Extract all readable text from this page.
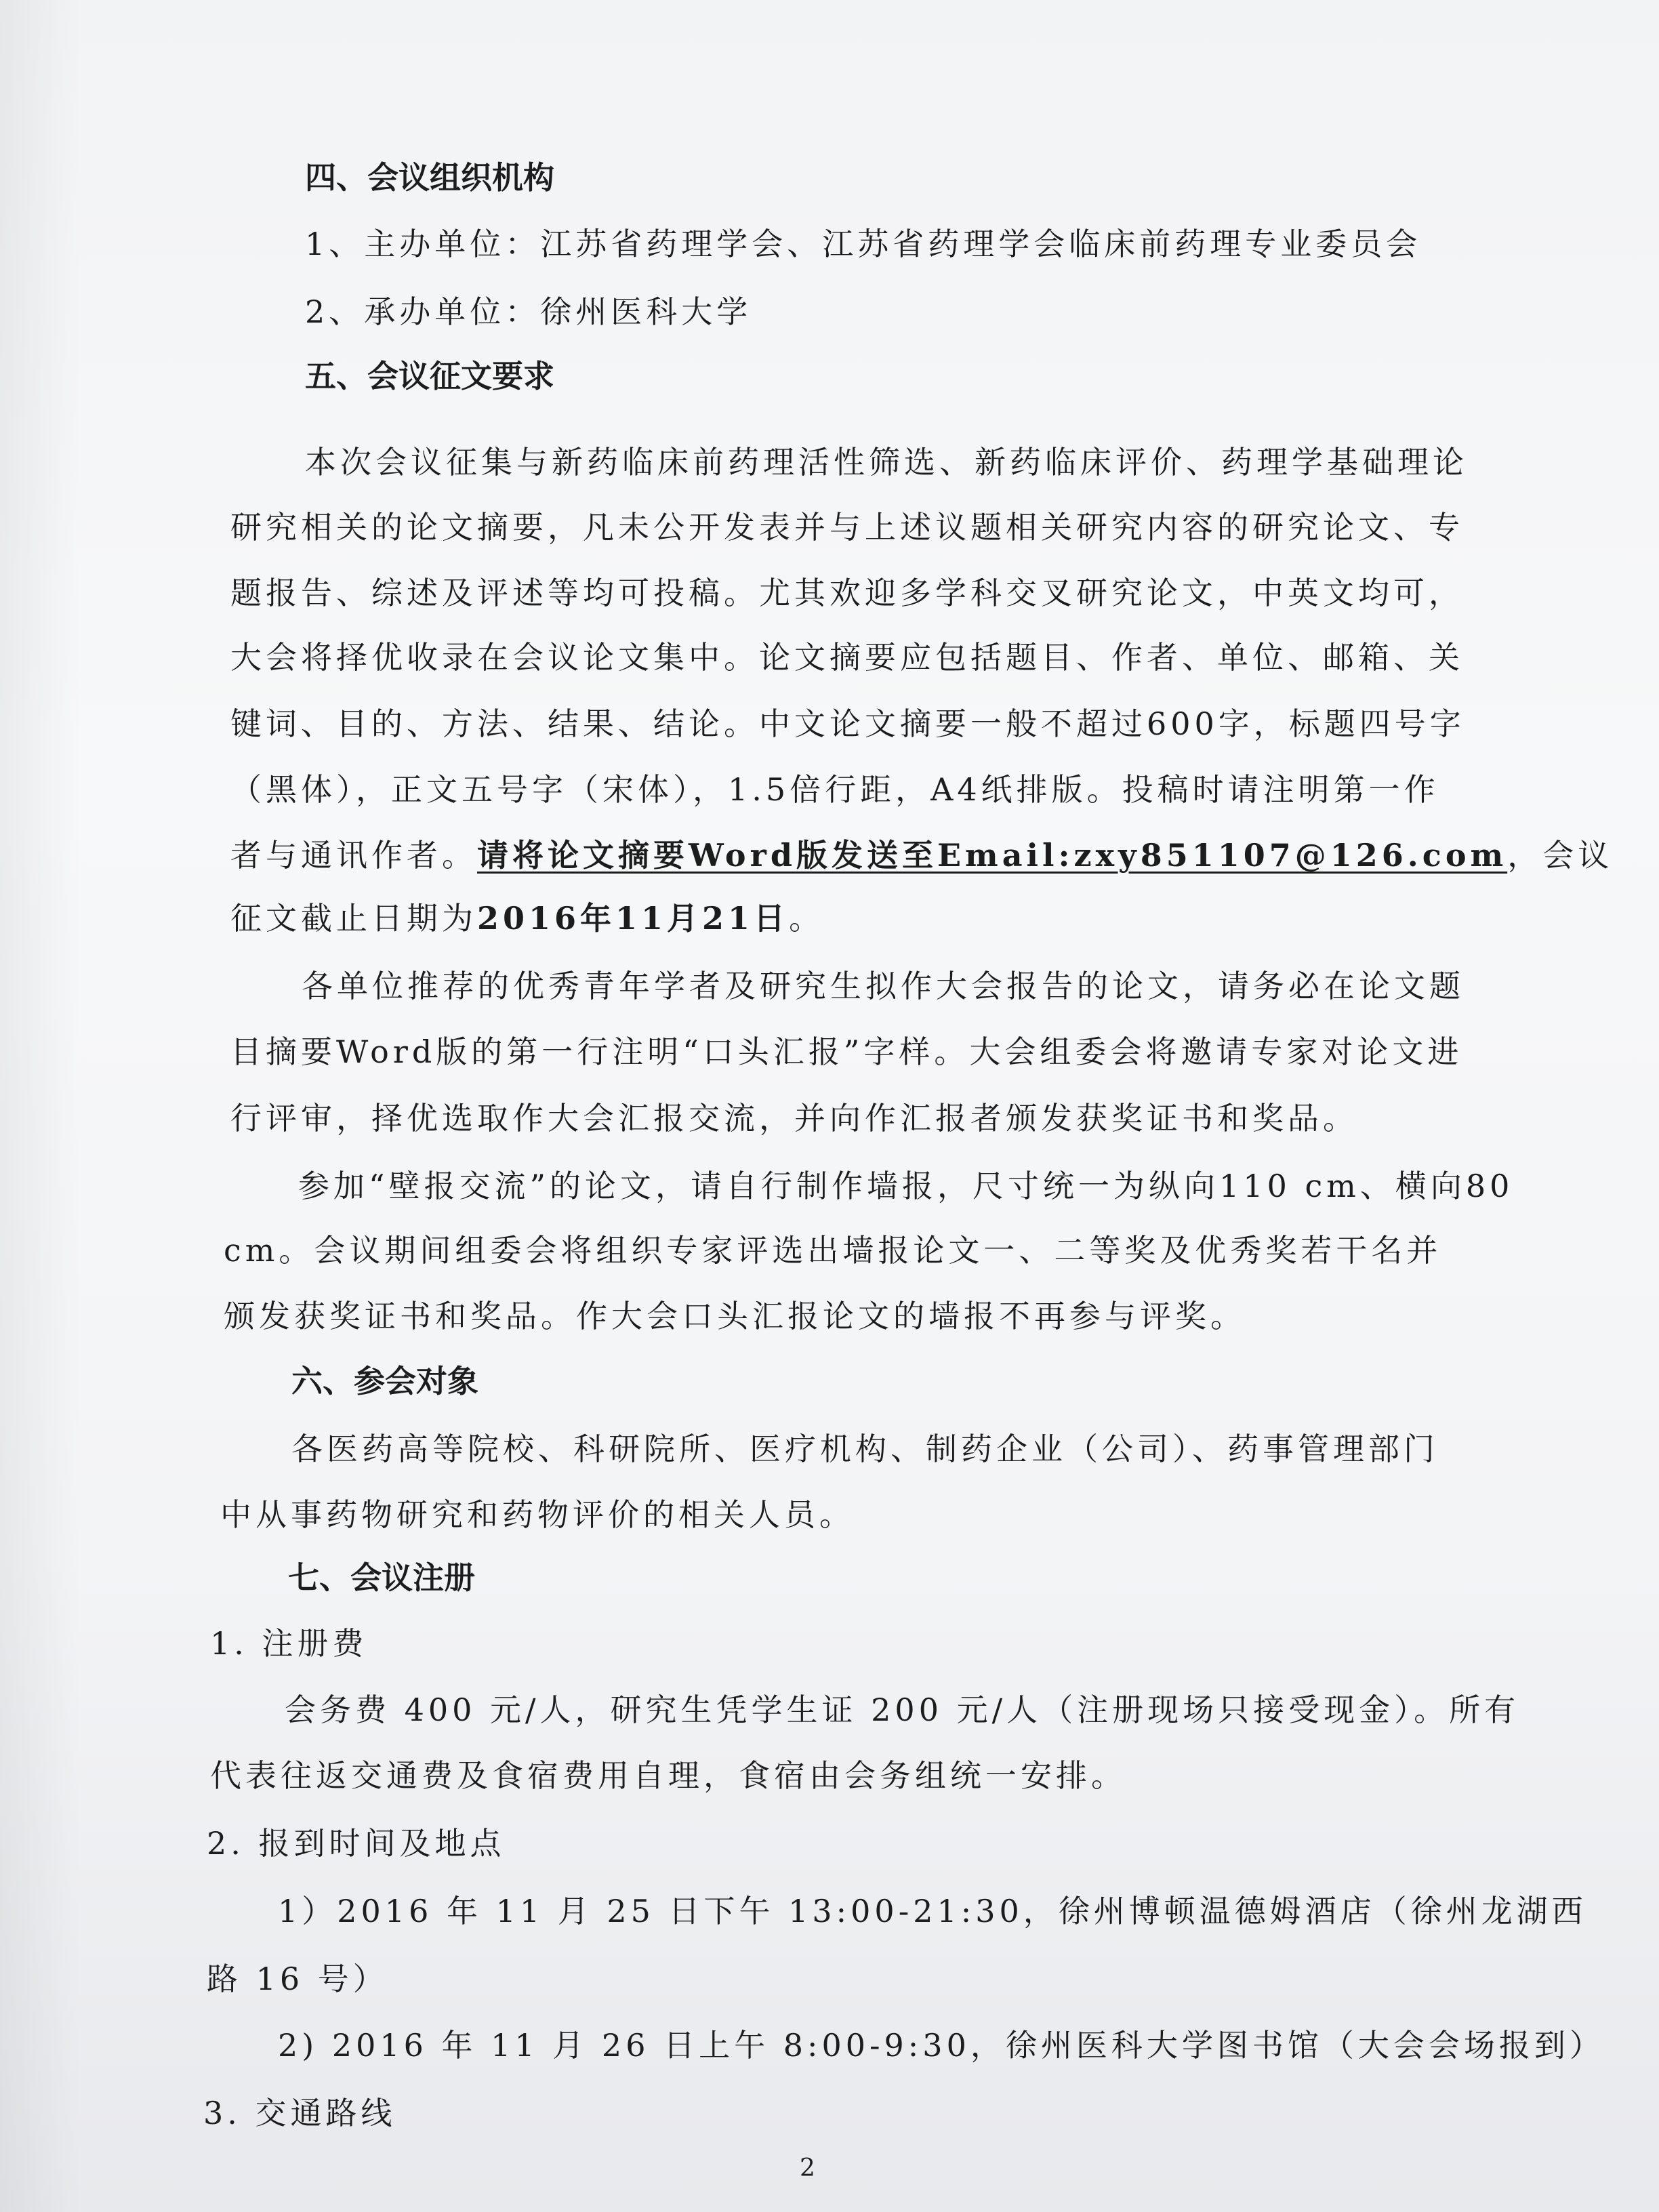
四、会议组织机构
1、主办单位：江苏省药理学会、江苏省药理学会临床前药理专业委员会
2、承办单位：徐州医科大学
五、会议征文要求
本次会议征集与新药临床前药理活性筛选、新药临床评价、药理学基础理论
研究相关的论文摘要，凡未公开发表并与上述议题相关研究内容的研究论文、专
题报告、综述及评述等均可投稿。尤其欢迎多学科交叉研究论文，中英文均可，
大会将择优收录在会议论文集中。论文摘要应包括题目、作者、单位、邮箱、关
键词、目的、方法、结果、结论。中文论文摘要一般不超过600字，标题四号字
（黑体），正文五号字（宋体），1.5倍行距，A4纸排版。投稿时请注明第一作
者与通讯作者。请将论文摘要Word版发送至Email:zxy851107@126.com，会议
征文截止日期为2016年11月21日。
各单位推荐的优秀青年学者及研究生拟作大会报告的论文，请务必在论文题
目摘要Word版的第一行注明“口头汇报”字样。大会组委会将邀请专家对论文进
行评审，择优选取作大会汇报交流，并向作汇报者颁发获奖证书和奖品。
参加“壁报交流”的论文，请自行制作墙报，尺寸统一为纵向110 cm、横向80
cm。会议期间组委会将组织专家评选出墙报论文一、二等奖及优秀奖若干名并
颁发获奖证书和奖品。作大会口头汇报论文的墙报不再参与评奖。
六、参会对象
各医药高等院校、科研院所、医疗机构、制药企业（公司）、药事管理部门
中从事药物研究和药物评价的相关人员。
七、会议注册
1. 注册费
会务费 400 元/人，研究生凭学生证 200 元/人（注册现场只接受现金）。所有
代表往返交通费及食宿费用自理，食宿由会务组统一安排。
2. 报到时间及地点
1）2016 年 11 月 25 日下午 13:00-21:30，徐州博顿温德姆酒店（徐州龙湖西
路 16 号）
2) 2016 年 11 月 26 日上午 8:00-9:30，徐州医科大学图书馆（大会会场报到）
3. 交通路线
2
